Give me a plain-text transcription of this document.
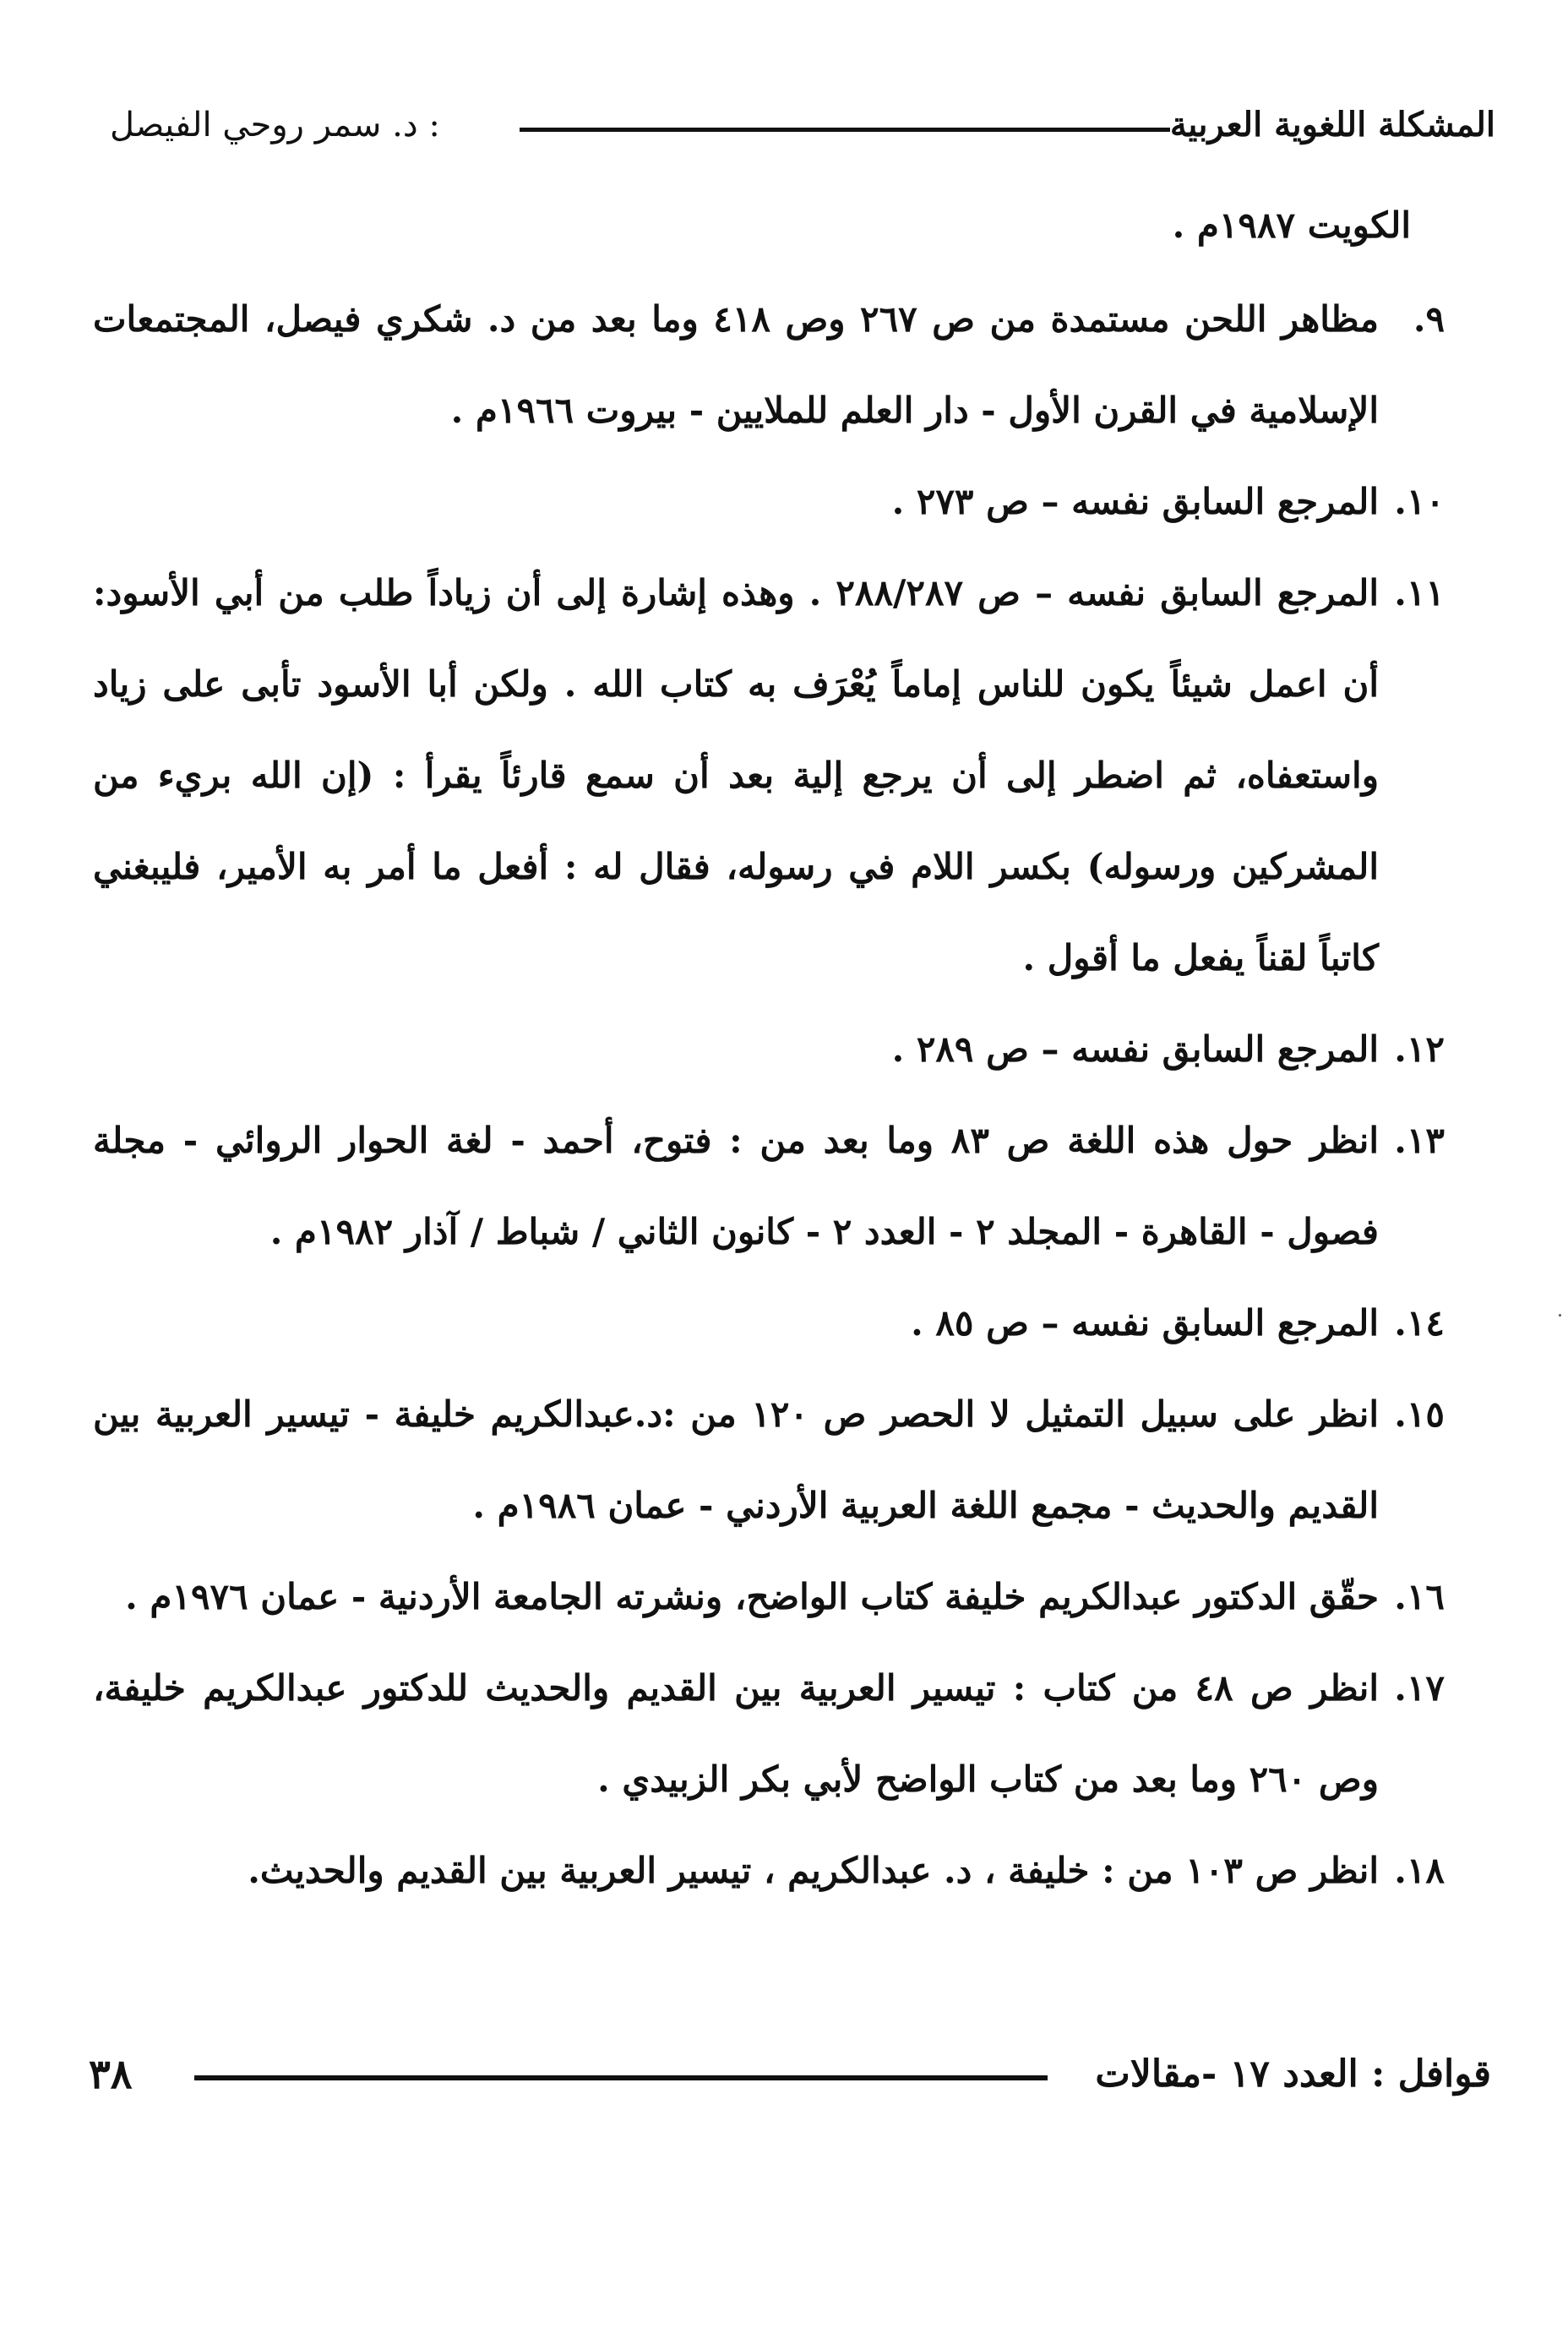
المشكلة اللغوية العربية
: د. سمر روحي الفيصل
الكويت ١٩٨٧م .
٩.
مظاهر اللحن مستمدة من ص ٢٦٧ وص ٤١٨ وما بعد من د. شكري فيصل، المجتمعات الإسلامية في القرن الأول - دار العلم للملايين - بيروت ١٩٦٦م .
١٠.
المرجع السابق نفسه – ص ٢٧٣ .
١١.
المرجع السابق نفسه – ص ٢٨٨/٢٨٧ . وهذه إشارة إلى أن زياداً طلب من أبي الأسود: أن اعمل شيئاً يكون للناس إماماً يُعْرَف به كتاب الله . ولكن أبا الأسود تأبى على زياد واستعفاه، ثم اضطر إلى أن يرجع إلية بعد أن سمع قارئاً يقرأ : (إن الله بريء من المشركين ورسوله) بكسر اللام في رسوله، فقال له : أفعل ما أمر به الأمير، فليبغني كاتباً لقناً يفعل ما أقول .
١٢.
المرجع السابق نفسه – ص ٢٨٩ .
١٣.
انظر حول هذه اللغة ص ٨٣ وما بعد من : فتوح، أحمد - لغة الحوار الروائي - مجلة فصول - القاهرة - المجلد ٢ - العدد ٢ - كانون الثاني / شباط / آذار ١٩٨٢م .
١٤.
المرجع السابق نفسه – ص ٨٥ .
١٥.
انظر على سبيل التمثيل لا الحصر ص ١٢٠ من :د.عبدالكريم خليفة - تيسير العربية بين القديم والحديث - مجمع اللغة العربية الأردني - عمان ١٩٨٦م .
١٦.
حقّق الدكتور عبدالكريم خليفة كتاب الواضح، ونشرته الجامعة الأردنية - عمان ١٩٧٦م .
١٧.
انظر ص ٤٨ من كتاب : تيسير العربية بين القديم والحديث للدكتور عبدالكريم خليفة، وص ٢٦٠ وما بعد من كتاب الواضح لأبي بكر الزبيدي .
١٨.
انظر ص ١٠٣ من : خليفة ، د. عبدالكريم ، تيسير العربية بين القديم والحديث.
قوافل : العدد ١٧ -مقالات
٣٨
